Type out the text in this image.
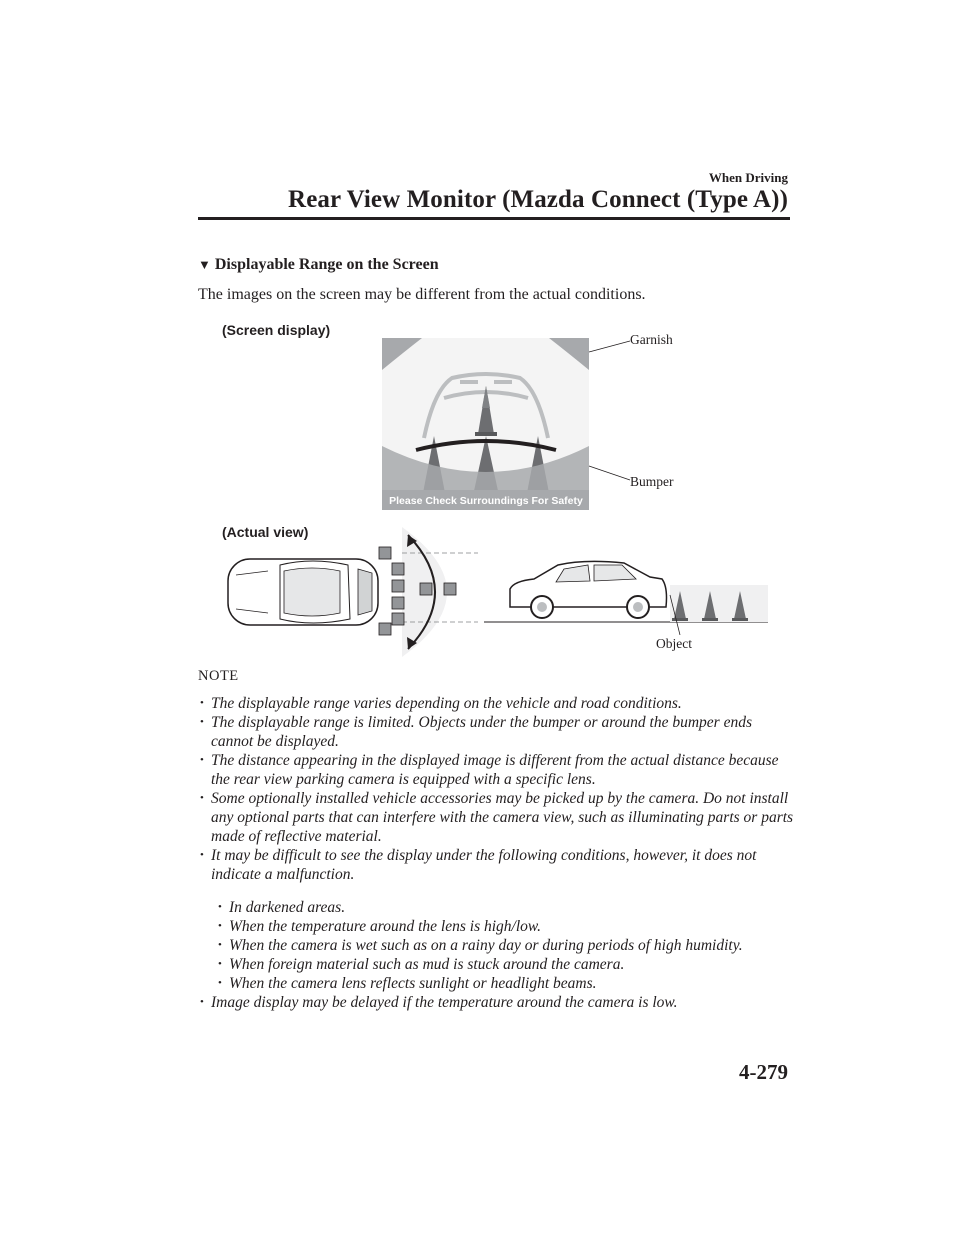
When Driving
Rear View Monitor (Mazda Connect (Type A))
▼ Displayable Range on the Screen
The images on the screen may be different from the actual conditions.
(Screen display)
(Actual view)
Garnish
Bumper
Object
Please Check Surroundings For Safety
NOTE
• The displayable range varies depending on the vehicle and road conditions.
• The displayable range is limited. Objects under the bumper or around the bumper ends cannot be displayed.
• The distance appearing in the displayed image is different from the actual distance because the rear view parking camera is equipped with a specific lens.
• Some optionally installed vehicle accessories may be picked up by the camera. Do not install any optional parts that can interfere with the camera view, such as illuminating parts or parts made of reflective material.
• It may be difficult to see the display under the following conditions, however, it does not indicate a malfunction.
• In darkened areas.
• When the temperature around the lens is high/low.
• When the camera is wet such as on a rainy day or during periods of high humidity.
• When foreign material such as mud is stuck around the camera.
• When the camera lens reflects sunlight or headlight beams.
• Image display may be delayed if the temperature around the camera is low.
4-279
